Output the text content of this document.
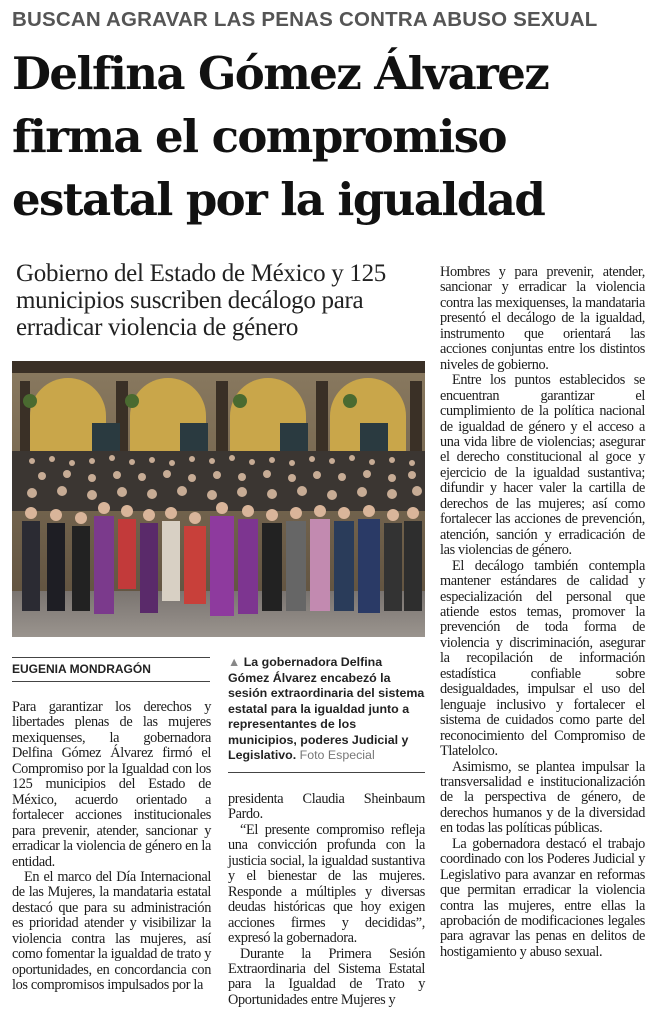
BUSCAN AGRAVAR LAS PENAS CONTRA ABUSO SEXUAL
Delfina Gómez Álvarez firma el compromiso estatal por la igualdad
Gobierno del Estado de México y 125 municipios suscriben decálogo para erradicar violencia de género
EUGENIA MONDRAGÓN	▲ La gobernadora Delfina Gómez Álvarez encabezó la sesión extraordinaria del sistema estatal para la igualdad junto a representantes de los municipios, poderes Judicial y Legislativo. Foto Especial

Para garantizar los derechos y libertades plenas de las mujeres mexiquenses, la gobernadora Delfina Gómez Álvarez firmó el Compromiso por la Igualdad con los 125 municipios del Estado de México, acuerdo orientado a fortalecer acciones institucionales para prevenir, atender, sancionar y erradicar la violencia de género en la entidad.

En el marco del Día Internacional de las Mujeres, la mandataria estatal destacó que para su administración es prioridad atender y visibilizar la violencia contra las mujeres, así como fomentar la igualdad de trato y oportunidades, en concordancia con los compromisos impulsados por la

presidenta Claudia Sheinbaum Pardo.

“El presente compromiso refleja una convicción profunda con la justicia social, la igualdad sustantiva y el bienestar de las mujeres. Responde a múltiples y diversas deudas históricas que hoy exigen acciones firmes y decididas”, expresó la gobernadora.

Durante la Primera Sesión Extraordinaria del Sistema Estatal para la Igualdad de Trato y Oportunidades entre Mujeres y

Hombres y para prevenir, atender, sancionar y erradicar la violencia contra las mexiquenses, la mandataria presentó el decálogo de la igualdad, instrumento que orientará las acciones conjuntas entre los distintos niveles de gobierno.

Entre los puntos establecidos se encuentran garantizar el cumplimiento de la política nacional de igualdad de género y el acceso a una vida libre de violencias; asegurar el derecho constitucional al goce y ejercicio de la igualdad sustantiva; difundir y hacer valer la cartilla de derechos de las mujeres; así como fortalecer las acciones de prevención, atención, sanción y erradicación de las violencias de género.

El decálogo también contempla mantener estándares de calidad y especialización del personal que atiende estos temas, promover la prevención de toda forma de violencia y discriminación, asegurar la recopilación de información estadística confiable sobre desigualdades, impulsar el uso del lenguaje inclusivo y fortalecer el sistema de cuidados como parte del reconocimiento del Compromiso de Tlatelolco.

Asimismo, se plantea impulsar la transversalidad e institucionalización de la perspectiva de género, de derechos humanos y de la diversidad en todas las políticas públicas.

La gobernadora destacó el trabajo coordinado con los Poderes Judicial y Legislativo para avanzar en reformas que permitan erradicar la violencia contra las mujeres, entre ellas la aprobación de modificaciones legales para agravar las penas en delitos de hostigamiento y abuso sexual.
